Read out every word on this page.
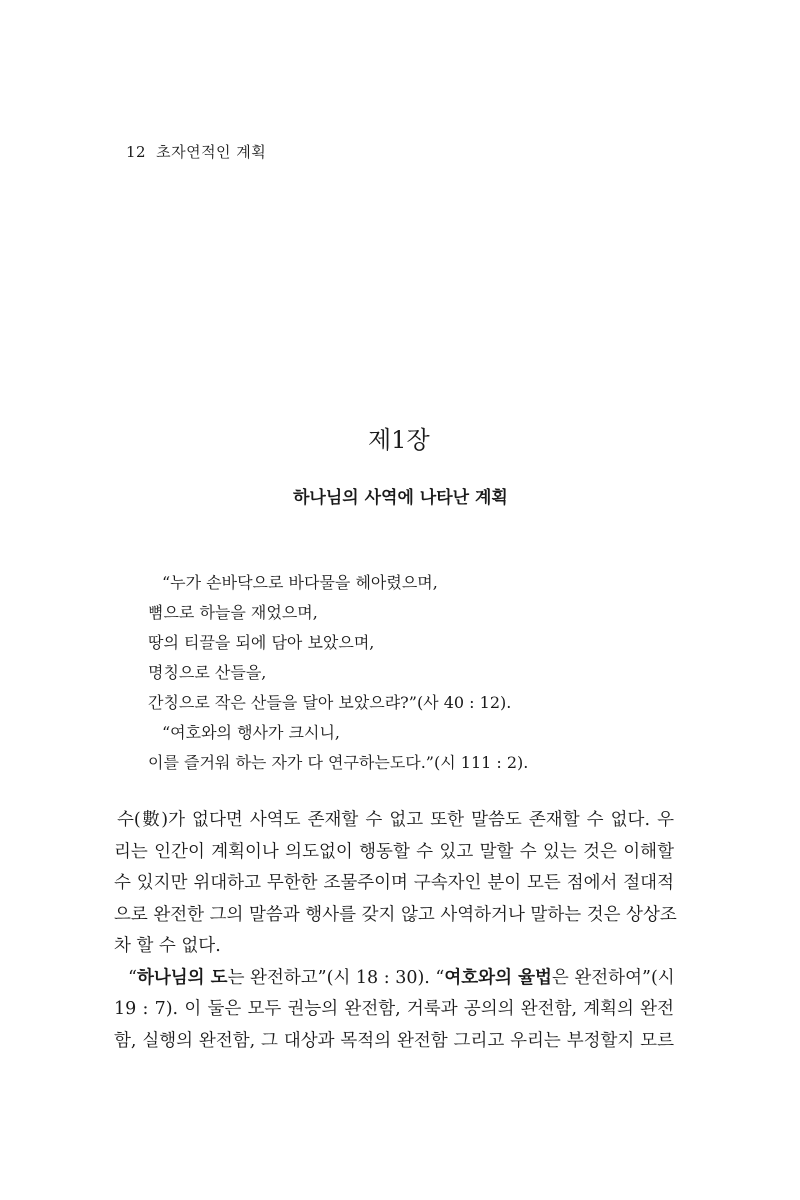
12 초자연적인 계획
제1장
하나님의 사역에 나타난 계획
“누가 손바닥으로 바다물을 헤아렸으며,
뼘으로 하늘을 재었으며,
땅의 티끌을 되에 담아 보았으며,
명칭으로 산들을,
간칭으로 작은 산들을 달아 보았으랴?”(사 40 : 12).
“여호와의 행사가 크시니,
이를 즐거워 하는 자가 다 연구하는도다.”(시 111 : 2).
수(數)가 없다면 사역도 존재할 수 없고 또한 말씀도 존재할 수 없다. 우
리는 인간이 계획이나 의도없이 행동할 수 있고 말할 수 있는 것은 이해할
수 있지만 위대하고 무한한 조물주이며 구속자인 분이 모든 점에서 절대적
으로 완전한 그의 말씀과 행사를 갖지 않고 사역하거나 말하는 것은 상상조
차 할 수 없다.
“하나님의 도는 완전하고”(시 18 : 30). “여호와의 율법은 완전하여”(시
19 : 7). 이 둘은 모두 권능의 완전함, 거룩과 공의의 완전함, 계획의 완전
함, 실행의 완전함, 그 대상과 목적의 완전함 그리고 우리는 부정할지 모르
